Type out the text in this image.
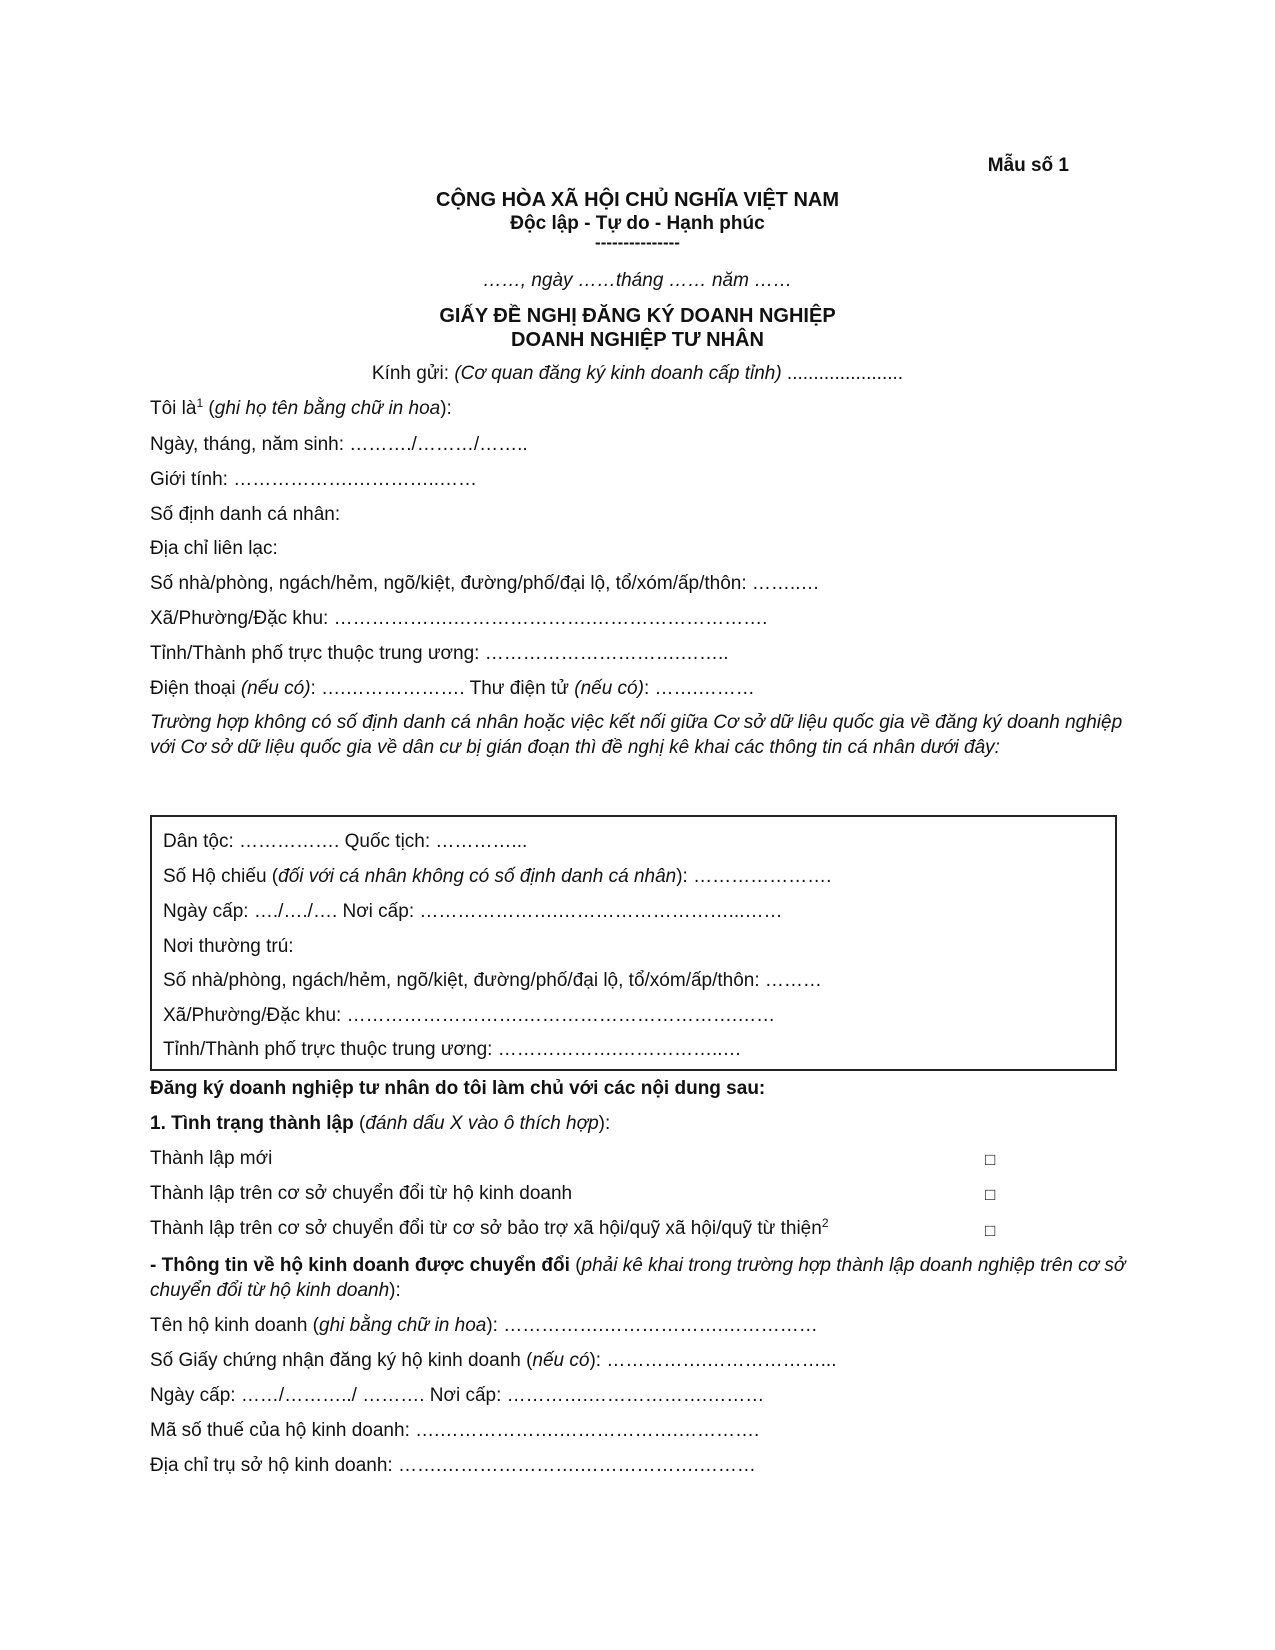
Mẫu số 1
CỘNG HÒA XÃ HỘI CHỦ NGHĨA VIỆT NAM
Độc lập - Tự do - Hạnh phúc
---------------
……, ngày ……tháng …… năm ……
GIẤY ĐỀ NGHỊ ĐĂNG KÝ DOANH NGHIỆP
DOANH NGHIỆP TƯ NHÂN
Kính gửi: (Cơ quan đăng ký kinh doanh cấp tỉnh) ......................
Tôi $là^1$ (ghi họ tên bằng chữ in hoa):
Ngày, tháng, năm sinh: ………./………/……..
Giới tính: ……………….…………..……
Số định danh cá nhân:
Địa chỉ liên lạc:
Số nhà/phòng, ngách/hẻm, ngõ/kiệt, đường/phố/đại lộ, tổ/xóm/ấp/thôn: ……..…
Xã/Phường/Đặc khu: ……………….………………….……………………….
Tỉnh/Thành phố trực thuộc trung ương: ………………………….……..
Điện thoại (nếu có): ….………………. Thư điện tử (nếu có): …….………
Trường hợp không có số định danh cá nhân hoặc việc kết nối giữa Cơ sở dữ liệu quốc gia về đăng ký doanh nghiệp với Cơ sở dữ liệu quốc gia về dân cư bị gián đoạn thì đề nghị kê khai các thông tin cá nhân dưới đây:
Dân tộc: ……………. Quốc tịch: …………...
Số Hộ chiếu (đối với cá nhân không có số định danh cá nhân): ………………….
Ngày cấp: …./…./…. Nơi cấp: ………………….………………………...……
Nơi thường trú:
Số nhà/phòng, ngách/hẻm, ngõ/kiệt, đường/phố/đại lộ, tổ/xóm/ấp/thôn: ………
Xã/Phường/Đặc khu: ……………………….…………………………….……
Tỉnh/Thành phố trực thuộc trung ương: ……………….……………..…
Đăng ký doanh nghiệp tư nhân do tôi làm chủ với các nội dung sau:
1. Tình trạng thành lập (đánh dấu X vào ô thích hợp):
Thành lập mới	□
Thành lập trên cơ sở chuyển đổi từ hộ kinh doanh	□
Thành lập trên cơ sở chuyển đổi từ cơ sở bảo trợ xã hội/quỹ xã hội/quỹ từ thiện$^2$	□
- Thông tin về hộ kinh doanh được chuyển đổi (phải kê khai trong trường hợp thành lập doanh nghiệp trên cơ sở chuyển đổi từ hộ kinh doanh):
Tên hộ kinh doanh (ghi bằng chữ in hoa): …………….……………….……………
Số Giấy chứng nhận đăng ký hộ kinh doanh (nếu có): …………….………………...
Ngày cấp: ……/………../ ………. Nơi cấp: ………….……………….………
Mã số thuế của hộ kinh doanh: ….……………….……………….………….
Địa chỉ trụ sở hộ kinh doanh: …….………………….……………….………
